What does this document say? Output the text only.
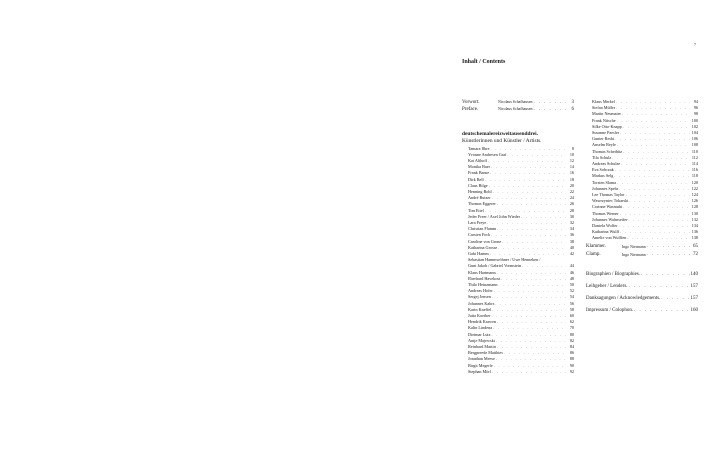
7
Inhalt / Contents
Vorwort.	Nicolaus Schafhausen . . .	3
Preface.	Nicolaus Schafhausen . . .	6
deutschemalereizweitausenddrei.
Künstlerinnen und Künstler / Artists.
Tamara Ilbre . . .	8
Yvonne Andresen Graf . . .	10
Kai Althoff . . .	12
Monika Baer . . .	14
Frank Banse . . .	16
Dirk Bell . . .	18
Claus Bilge . . .	20
Henning Bohl . . .	22
André Butzer . . .	24
Thomas Eggerer . . .	26
Tim Eitel . . .	28
Jeder Freer / Axel John Wieder . . .	30
Lara Freye . . .	32
Christian Flamm . . .	34
Carsten Fock . . .	36
Caroline von Grone . . .	38
Katharina Grosse . . .	40
Gabi Hamm . . .	42
Sebastian Hammwöhner / Uwe Henneken /
Gunt Jakob / Gabriel Vormstein . . .	44
Klaus Hartmann . . .	46
Eberhard Havekost . . .	48
Thilo Heinzmann . . .	50
Andreas Hofer . . .	52
Sergej Jensen . . .	54
Johannes Kahrs . . .	56
Karin Kneffel . . .	58
Jutta Koether . . .	60
Hendrik Krawen . . .	62
Kalin Lindena . . .	70
Dietmar Lutz . . .	80
Antje Majewski . . .	82
Reinhard Martin . . .	84
Bergpreede Matthies . . .	86
Jonathan Meese . . .	88
Birgit Megerle . . .	90
Stephan Mörl . . .	92
Klaus Merkel . . .	94
Stefan Müller . . .	96
Martin Neumaier . . .	98
Frank Nitsche . . .	100
Silke Otto-Knapp . . .	102
Susanne Paesler . . .	104
Gunter Reski . . .	106
Anselm Reyle . . .	108
Thomas Scheibitz . . .	110
Tilo Schulz . . .	112
Andreas Schulze . . .	114
Eva Sobczak . . .	116
Markus Selg . . .	118
Torsten Slama . . .	120
Johannes Spehr . . .	122
Lee Thomas Taylor . . .	124
Wawrzyniec Tokarski . . .	126
Corinne Wasmuht . . .	128
Thomas Werner . . .	130
Johannes Wohnseifer . . .	132
Daniela Wolfer . . .	134
Katharina Wulff . . .	136
Amelie von Wulffen . . .	138
Klammer.	Ingo Niermann . . .	65
Clamp.	Ingo Niermann . . .	72
Biographien / Biographies. . . .	140
Leihgeber / Lenders. . . .	157
Danksagungen / Acknowledgements. . . .	157
Impressum / Colophon. . . .	160
